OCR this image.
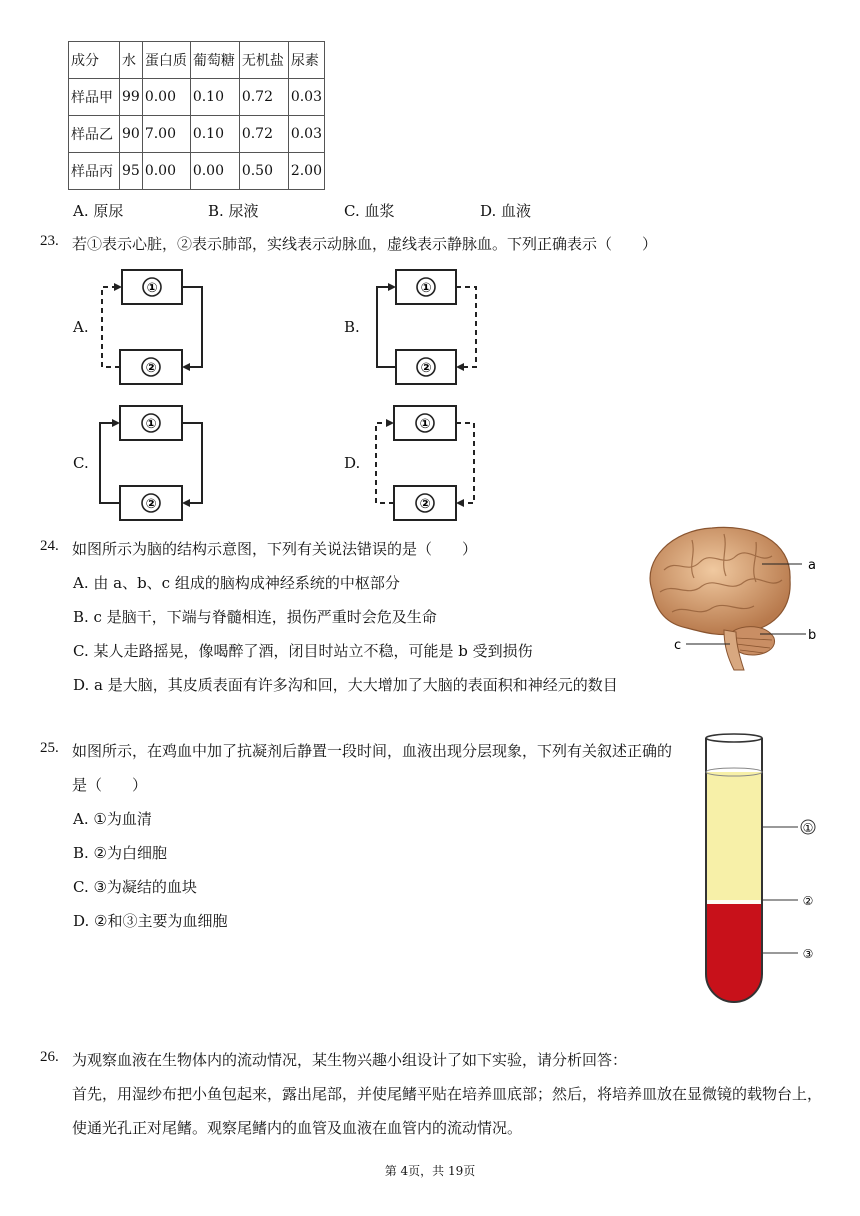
成分	水	蛋白质	葡萄糖	无机盐	尿素
样品甲	99	0.00	0.10	0.72	0.03
样品乙	90	7.00	0.10	0.72	0.03
样品丙	95	0.00	0.00	0.50	2.00
A. 原尿	B. 尿液	C. 血浆	D. 血液
23. 若①表示心脏，②表示肺部，实线表示动脉血，虚线表示静脉血。下列正确表示（　　）
A.	B.
C.	D.
①
②
①
②
①
②
①
②
24. 如图所示为脑的结构示意图，下列有关说法错误的是（　　）
A. 由 a、b、c 组成的脑构成神经系统的中枢部分
B. c 是脑干，下端与脊髓相连，损伤严重时会危及生命
C. 某人走路摇晃，像喝醉了酒，闭目时站立不稳，可能是 b 受到损伤
D. a 是大脑，其皮质表面有许多沟和回，大大增加了大脑的表面积和神经元的数目
a
b
c
25. 如图所示，在鸡血中加了抗凝剂后静置一段时间，血液出现分层现象，下列有关叙述正确的
是（　　）
A. ①为血清
B. ②为白细胞
C. ③为凝结的血块
D. ②和③主要为血细胞
①
②
③
26. 为观察血液在生物体内的流动情况，某生物兴趣小组设计了如下实验，请分析回答：
首先，用湿纱布把小鱼包起来，露出尾部，并使尾鳍平贴在培养皿底部；然后，将培养皿放在显微镜的载物台上，
使通光孔正对尾鳍。观察尾鳍内的血管及血液在血管内的流动情况。
第 4页，共 19页
